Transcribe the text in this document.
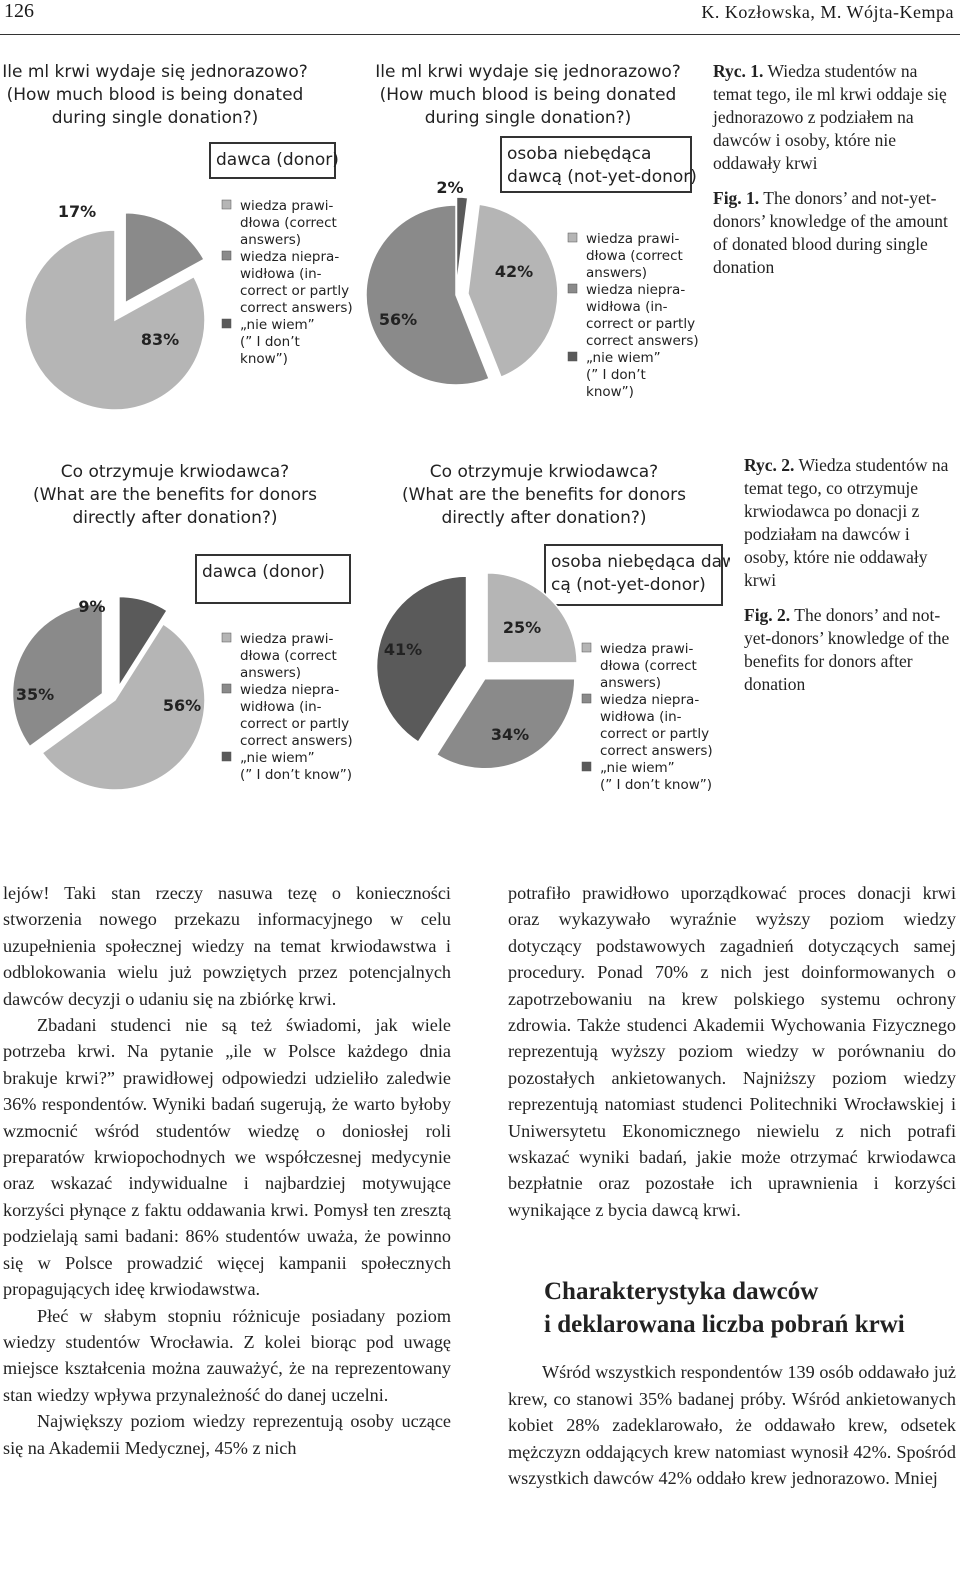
126	K. Kozłowska, M. Wójta-Kempa
Ile ml krwi wydaje się jednorazowo?
(How much blood is being donated
during single donation?)
dawca (donor)
83%
17%	wiedza prawi-
dłowa (correct
answers)
wiedza niepra-
widłowa (in-
correct or partly
correct answers)
„nie wiem”
(” I don’t
know”)
Ile ml krwi wydaje się jednorazowo?
(How much blood is being donated
during single donation?)
osoba niebędąca
dawcą (not-yet-donor)
42%
56%
2%
wiedza prawi-
dłowa (correct
answers)
wiedza niepra-
widłowa (in-
correct or partly
correct answers)
„nie wiem”
(” I don’t
know”)

Ryc. 1. Wiedza studentów na temat tego, ile ml krwi oddaje się jednorazowo z podziałem na dawców i osoby, które nie oddawały krwi

Fig. 1. The donors’ and not-yet-donors’ knowledge of the amount of donated blood during single donation

Co otrzymuje krwiodawca?
(What are the benefits for donors
directly after donation?)
dawca (donor)
56%
35%
9%
wiedza prawi-
dłowa (correct
answers)
wiedza niepra-
widłowa (in-
correct or partly
correct answers)
„nie wiem”
(” I don’t know”)
Co otrzymuje krwiodawca?
(What are the benefits for donors
directly after donation?)
osoba niebędąca daw-
cą (not-yet-donor)
25%
34%
41%	wiedza prawi-
dłowa (correct
answers)
wiedza niepra-
widłowa (in-
correct or partly
correct answers)
„nie wiem”
(” I don’t know”)

Ryc. 2. Wiedza studentów na temat tego, co otrzymuje krwiodawca po donacji z podziałam na dawców i osoby, które nie oddawały krwi

Fig. 2. The donors’ and not-yet-donors’ knowledge of the benefits for donors after donation

lejów! Taki stan rzeczy nasuwa tezę o konieczności stworzenia nowego przekazu informacyjnego w celu uzupełnienia społecznej wiedzy na temat krwiodawstwa i odblokowania wielu już powziętych przez potencjalnych dawców decyzji o udaniu się na zbiórkę krwi.

Zbadani studenci nie są też świadomi, jak wiele potrzeba krwi. Na pytanie „ile w Polsce każdego dnia brakuje krwi?” prawidłowej odpowiedzi udzieliło zaledwie 36% respondentów. Wyniki badań sugerują, że warto byłoby wzmocnić wśród studentów wiedzę o doniosłej roli preparatów krwiopochodnych we współczesnej medycynie oraz wskazać indywidualne i najbardziej motywujące korzyści płynące z faktu oddawania krwi. Pomysł ten zresztą podzielają sami badani: 86% studentów uważa, że powinno się w Polsce prowadzić więcej kampanii społecznych propagujących ideę krwiodawstwa.

Płeć w słabym stopniu różnicuje posiadany poziom wiedzy studentów Wrocławia. Z kolei biorąc pod uwagę miejsce kształcenia można zauważyć, że na reprezentowany stan wiedzy wpływa przynależność do danej uczelni.

Największy poziom wiedzy reprezentują osoby uczące się na Akademii Medycznej, 45% z nich

potrafiło prawidłowo uporządkować proces donacji krwi oraz wykazywało wyraźnie wyższy poziom wiedzy dotyczący podstawowych zagadnień dotyczących samej procedury. Ponad 70% z nich jest doinformowanych o zapotrzebowaniu na krew polskiego systemu ochrony zdrowia. Także studenci Akademii Wychowania Fizycznego reprezentują wyższy poziom wiedzy w porównaniu do pozostałych ankietowanych. Najniższy poziom wiedzy reprezentują natomiast studenci Politechniki Wrocławskiej i Uniwersytetu Ekonomicznego niewielu z nich potrafi wskazać wyniki badań, jakie może otrzymać krwiodawca bezpłatnie oraz pozostałe ich uprawnienia i korzyści wynikające z bycia dawcą krwi.

Charakterystyka dawców
i deklarowana liczba pobrań krwi

Wśród wszystkich respondentów 139 osób oddawało już krew, co stanowi 35% badanej próby. Wśród ankietowanych kobiet 28% zadeklarowało, że oddawało krew, odsetek mężczyzn oddających krew natomiast wynosił 42%. Spośród wszystkich dawców 42% oddało krew jednorazowo. Mniej
